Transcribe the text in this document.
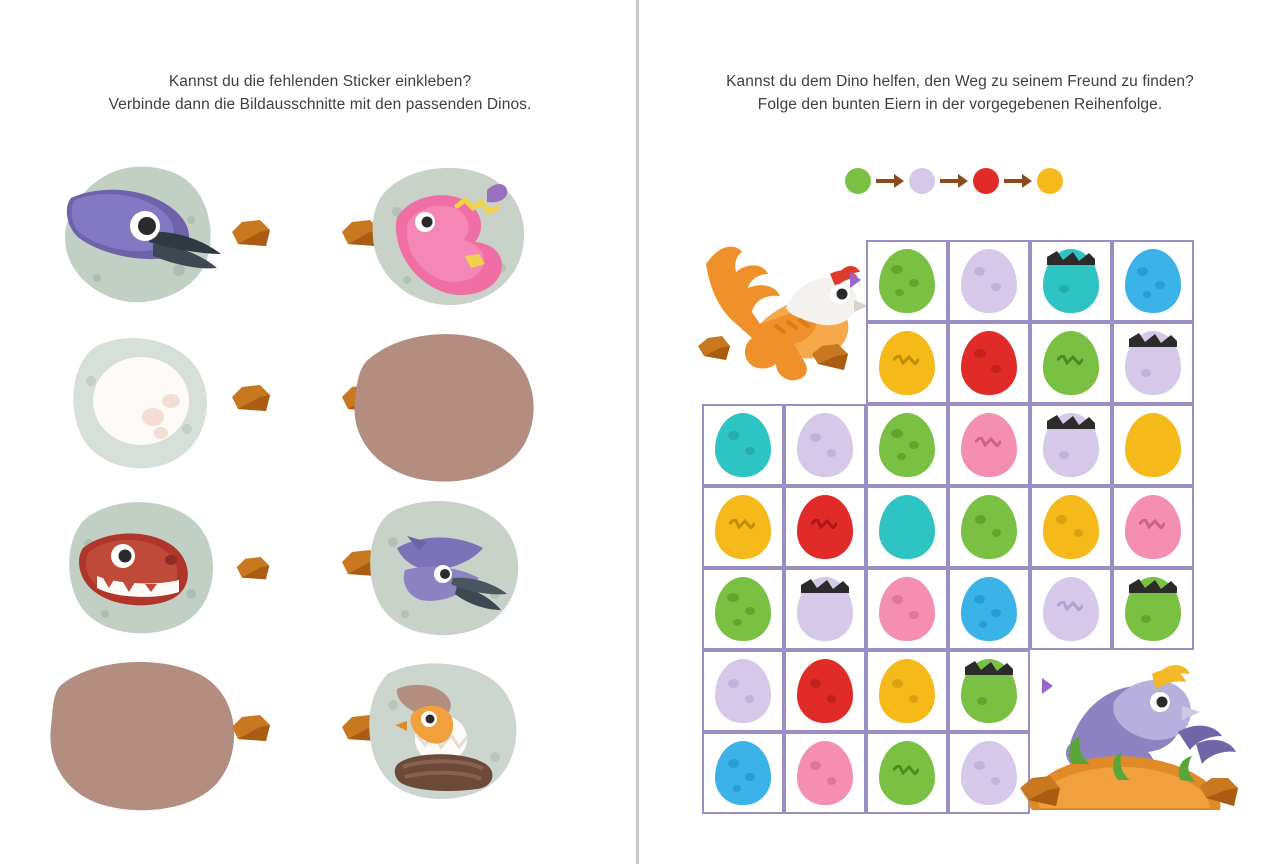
Kannst du die fehlenden Sticker einkleben?
Verbinde dann die Bildausschnitte mit den passenden Dinos.
Kannst du dem Dino helfen, den Weg zu seinem Freund zu finden?
Folge den bunten Eiern in der vorgegebenen Reihenfolge.
